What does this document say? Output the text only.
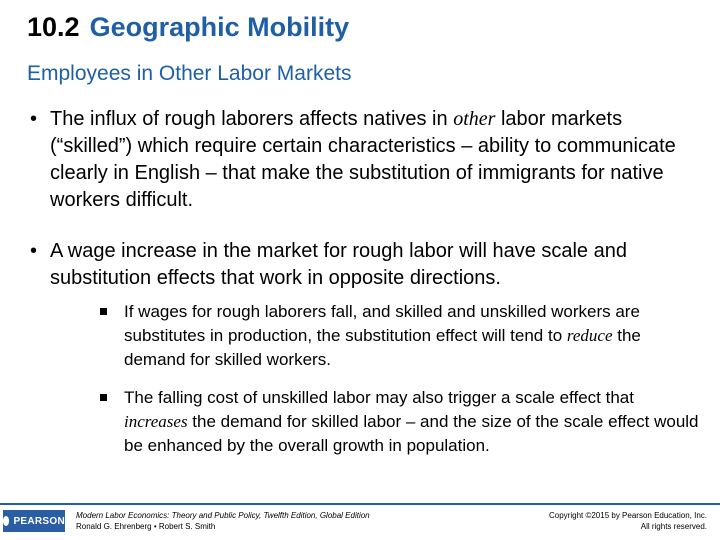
10.2 Geographic Mobility
Employees in Other Labor Markets
• The influx of rough laborers affects natives in other labor markets (“skilled”) which require certain characteristics – ability to communicate clearly in English – that make the substitution of immigrants for native workers difficult.
• A wage increase in the market for rough labor will have scale and substitution effects that work in opposite directions.
If wages for rough laborers fall, and skilled and unskilled workers are substitutes in production, the substitution effect will tend to reduce the demand for skilled workers.
The falling cost of unskilled labor may also trigger a scale effect that increases the demand for skilled labor – and the size of the scale effect would be enhanced by the overall growth in population.
PEARSON Modern Labor Economics: Theory and Public Policy, Twelfth Edition, Global Edition
Ronald G. Ehrenberg • Robert S. Smith
Copyright ©2015 by Pearson Education, Inc.
All rights reserved.
